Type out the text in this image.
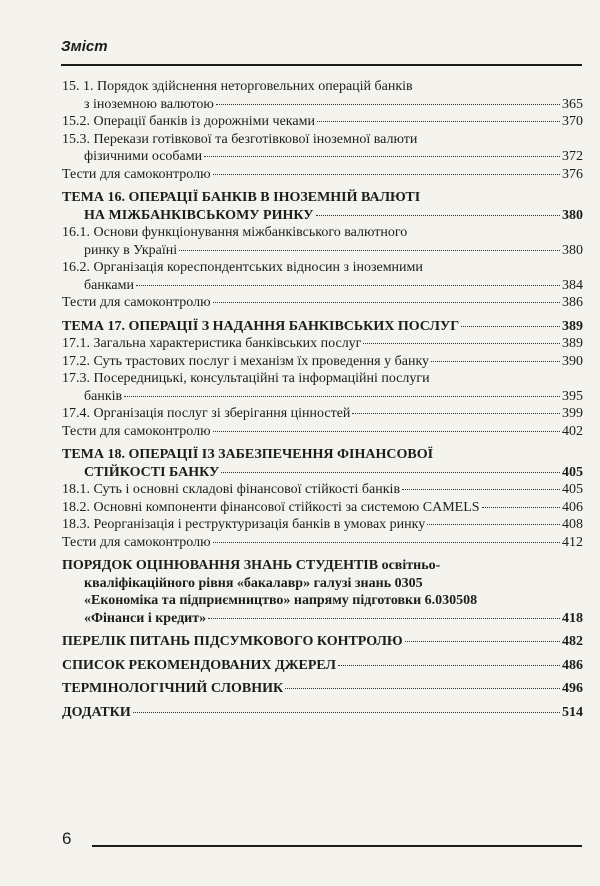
Зміст
15. 1. Порядок здійснення неторговельних операцій банків
з іноземною валютою	365
15.2. Операції банків із дорожніми чеками	370
15.3. Перекази готівкової та безготівкової іноземної валюти
фізичними особами	372
Тести для самоконтролю	376
ТЕМА 16. ОПЕРАЦІЇ БАНКІВ В ІНОЗЕМНІЙ ВАЛЮТІ
НА МІЖБАНКІВСЬКОМУ РИНКУ	380
16.1. Основи функціонування міжбанківського валютного
ринку в Україні	380
16.2. Організація кореспондентських відносин з іноземними
банками	384
Тести для самоконтролю	386
ТЕМА 17. ОПЕРАЦІЇ З НАДАННЯ БАНКІВСЬКИХ ПОСЛУГ	389
17.1. Загальна характеристика банківських послуг	389
17.2. Суть трастових послуг і механізм їх проведення у банку	390
17.3. Посередницькі, консультаційні та інформаційні послуги
банків	395
17.4. Організація послуг зі зберігання цінностей	399
Тести для самоконтролю	402
ТЕМА 18. ОПЕРАЦІЇ ІЗ ЗАБЕЗПЕЧЕННЯ ФІНАНСОВОЇ
СТІЙКОСТІ БАНКУ	405
18.1. Суть і основні складові фінансової стійкості банків	405
18.2. Основні компоненти фінансової стійкості за системою CAMELS	406
18.3. Реорганізація і реструктуризація банків в умовах ринку	408
Тести для самоконтролю	412
ПОРЯДОК ОЦІНЮВАННЯ ЗНАНЬ СТУДЕНТІВ освітньо-
кваліфікаційного рівня «бакалавр» галузі знань 0305
«Економіка та підприємництво» напряму підготовки 6.030508
«Фінанси і кредит»	418
ПЕРЕЛІК ПИТАНЬ ПІДСУМКОВОГО КОНТРОЛЮ	482
СПИСОК РЕКОМЕНДОВАНИХ ДЖЕРЕЛ	486
ТЕРМІНОЛОГІЧНИЙ СЛОВНИК	496
ДОДАТКИ	514
6
